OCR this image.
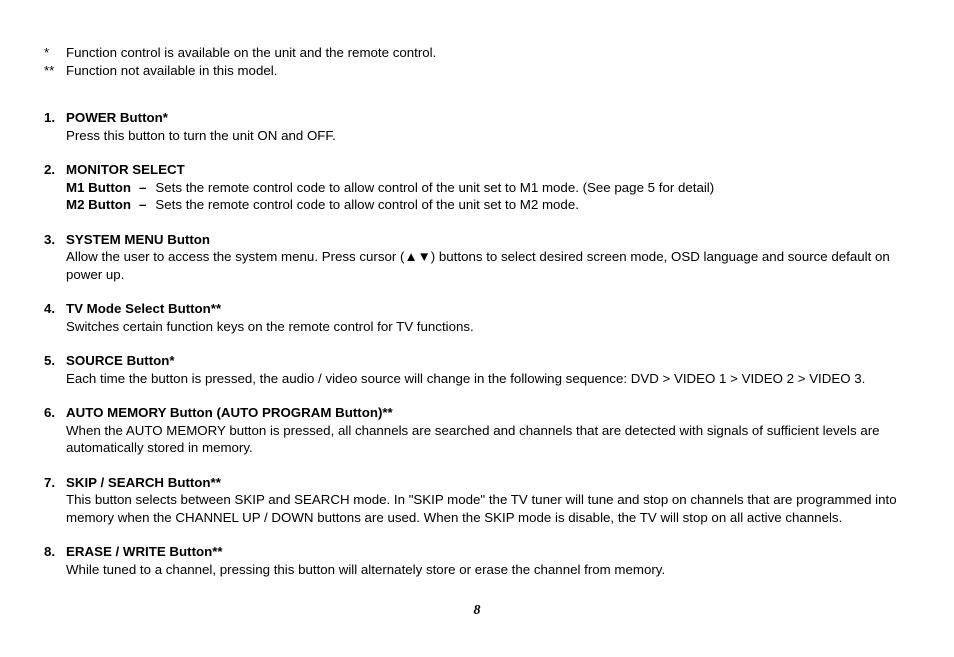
*	Function control is available on the unit and the remote control.
** Function not available in this model.
1. POWER Button*
Press this button to turn the unit ON and OFF.
2. MONITOR SELECT
M1 Button – Sets the remote control code to allow control of the unit set to M1 mode. (See page 5 for detail)
M2 Button – Sets the remote control code to allow control of the unit set to M2 mode.
3. SYSTEM MENU Button
Allow the user to access the system menu. Press cursor (▲▼) buttons to select desired screen mode, OSD language and source default on power up.
4. TV Mode Select Button**
Switches certain function keys on the remote control for TV functions.
5. SOURCE Button*
Each time the button is pressed, the audio / video source will change in the following sequence: DVD > VIDEO 1 > VIDEO 2 > VIDEO 3.
6. AUTO MEMORY Button (AUTO PROGRAM Button)**
When the AUTO MEMORY button is pressed, all channels are searched and channels that are detected with signals of sufficient levels are automatically stored in memory.
7. SKIP / SEARCH Button**
This button selects between SKIP and SEARCH mode. In "SKIP mode" the TV tuner will tune and stop on channels that are programmed into memory when the CHANNEL UP / DOWN buttons are used. When the SKIP mode is disable, the TV will stop on all active channels.
8. ERASE / WRITE Button**
While tuned to a channel, pressing this button will alternately store or erase the channel from memory.
8
